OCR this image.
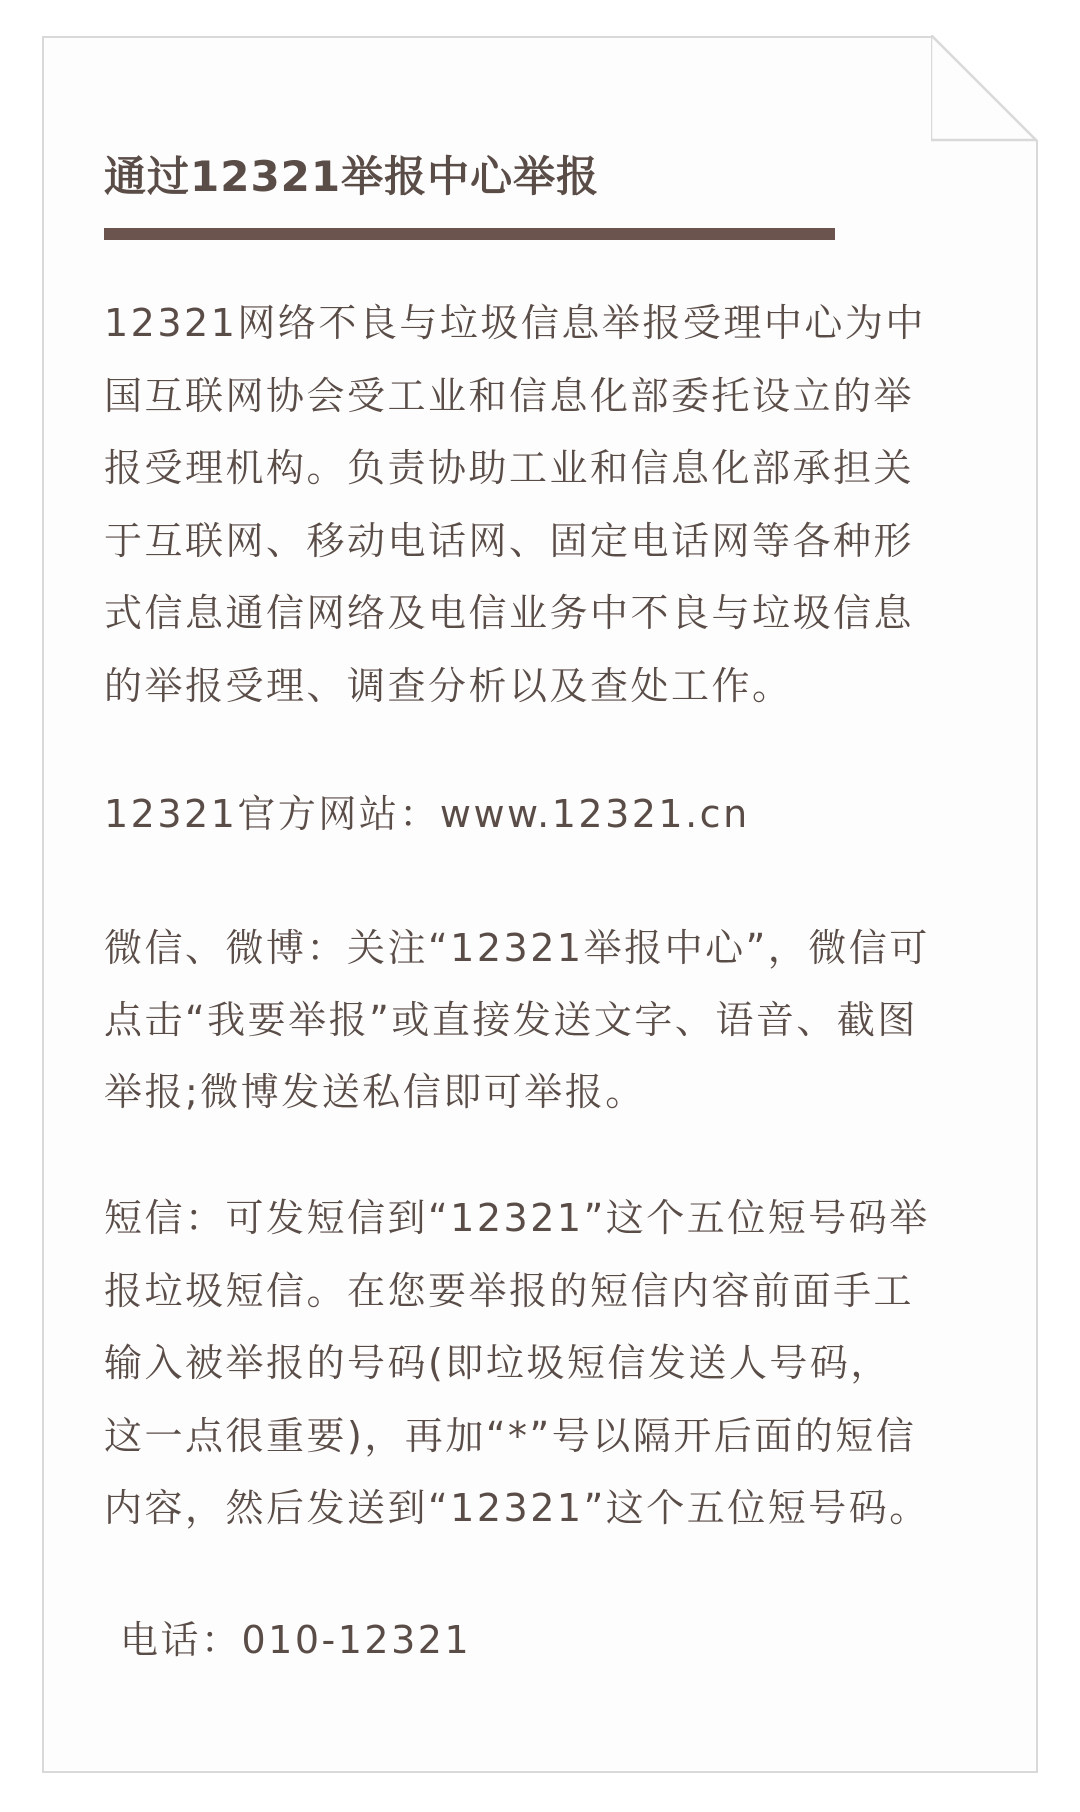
通过12321举报中心举报

12321网络不良与垃圾信息举报受理中心为中
国互联网协会受工业和信息化部委托设立的举
报受理机构。负责协助工业和信息化部承担关
于互联网、移动电话网、固定电话网等各种形
式信息通信网络及电信业务中不良与垃圾信息
的举报受理、调查分析以及查处工作。

12321官方网站：www.12321.cn

微信、微博：关注“12321举报中心”，微信可
点击“我要举报”或直接发送文字、语音、截图
举报;微博发送私信即可举报。

短信：可发短信到“12321”这个五位短号码举
报垃圾短信。在您要举报的短信内容前面手工
输入被举报的号码(即垃圾短信发送人号码，
这一点很重要)，再加“*”号以隔开后面的短信
内容，然后发送到“12321”这个五位短号码。

电话：010-12321
